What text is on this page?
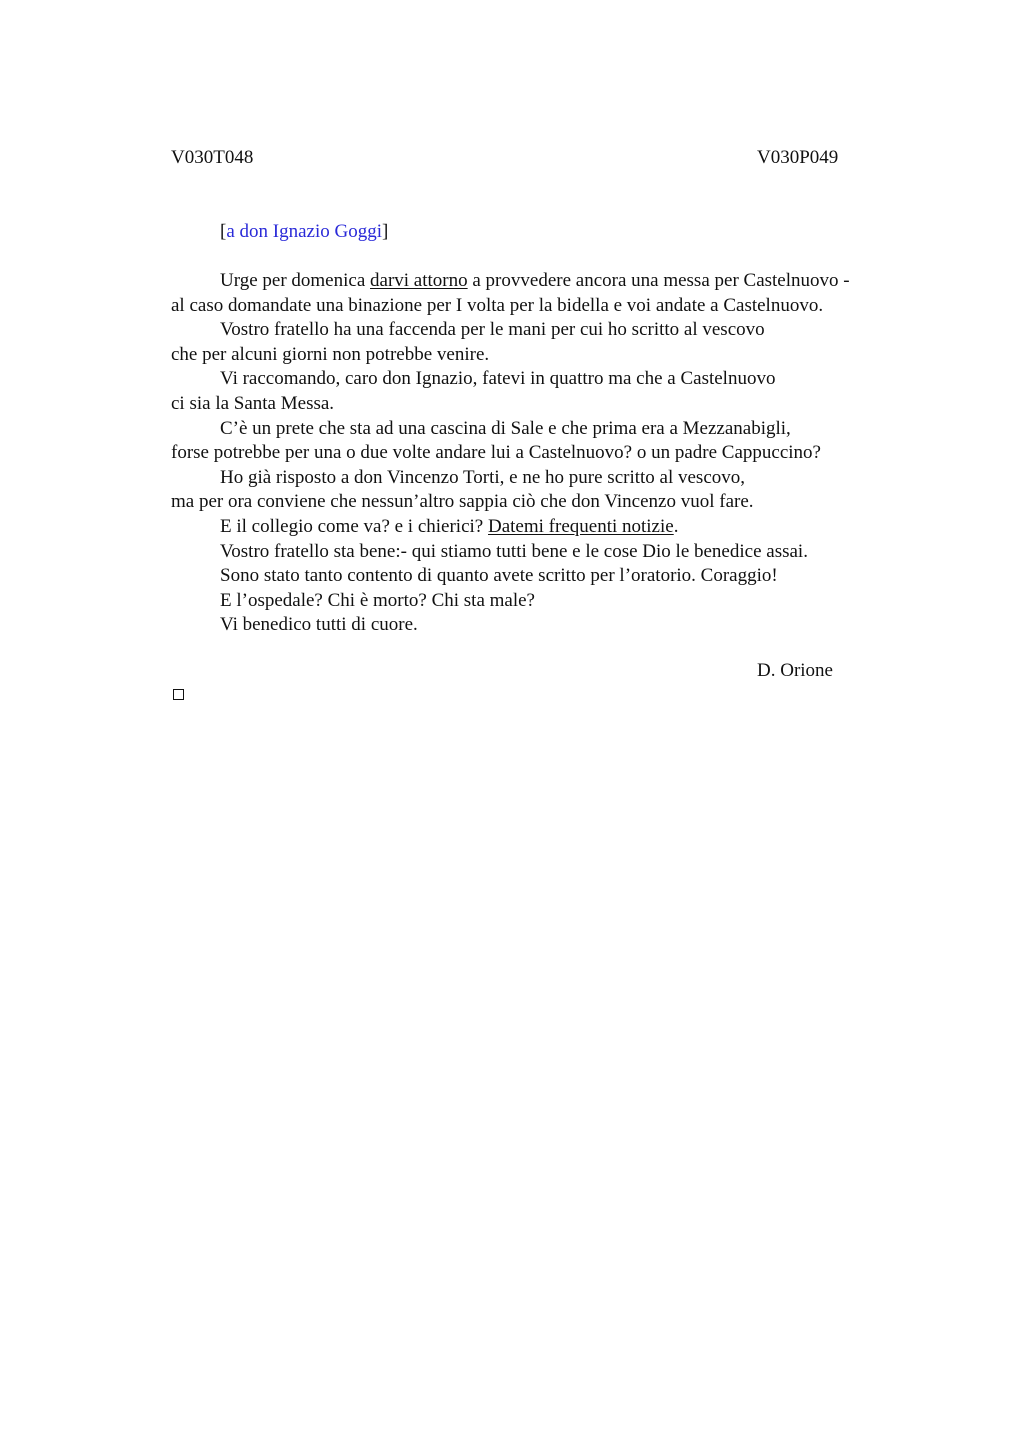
V030T048	V030P049
[a don Ignazio Goggi]
Urge per domenica darvi attorno a provvedere ancora una messa per Castelnuovo -
al caso domandate una binazione per I volta per la bidella e voi andate a Castelnuovo.
Vostro fratello ha una faccenda per le mani per cui ho scritto al vescovo
che per alcuni giorni non potrebbe venire.
Vi raccomando, caro don Ignazio, fatevi in quattro ma che a Castelnuovo
ci sia la Santa Messa.
C’è un prete che sta ad una cascina di Sale e che prima era a Mezzanabigli,
forse potrebbe per una o due volte andare lui a Castelnuovo? o un padre Cappuccino?
Ho già risposto a don Vincenzo Torti, e ne ho pure scritto al vescovo,
ma per ora conviene che nessun’altro sappia ciò che don Vincenzo vuol fare.
E il collegio come va? e i chierici? Datemi frequenti notizie.
Vostro fratello sta bene:- qui stiamo tutti bene e le cose Dio le benedice assai.
Sono stato tanto contento di quanto avete scritto per l’oratorio. Coraggio!
E l’ospedale? Chi è morto? Chi sta male?
Vi benedico tutti di cuore.
D. Orione
